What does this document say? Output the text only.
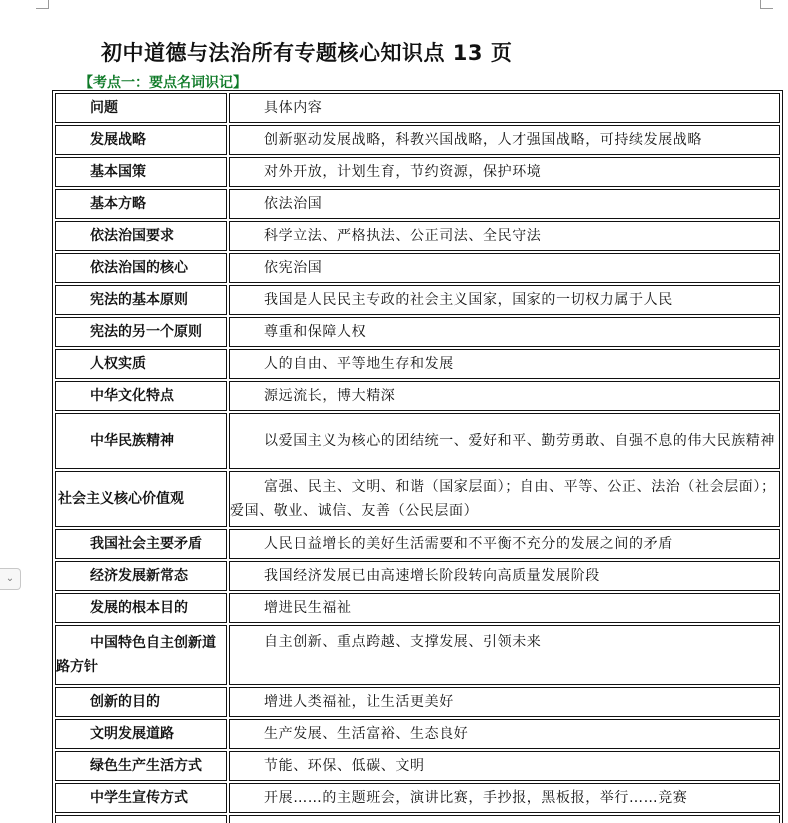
⌄
初中道德与法治所有专题核心知识点 13 页
【考点一：要点名词识记】
问题	具体内容
发展战略	创新驱动发展战略，科教兴国战略，人才强国战略，可持续发展战略
基本国策	对外开放，计划生育，节约资源，保护环境
基本方略	依法治国
依法治国要求	科学立法、严格执法、公正司法、全民守法
依法治国的核心	依宪治国
宪法的基本原则	我国是人民民主专政的社会主义国家，国家的一切权力属于人民
宪法的另一个原则	尊重和保障人权
人权实质	人的自由、平等地生存和发展
中华文化特点	源远流长，博大精深
中华民族精神	以爱国主义为核心的团结统一、爱好和平、勤劳勇敢、自强不息的伟大民族精神
社会主义核心价值观	富强、民主、文明、和谐（国家层面）；自由、平等、公正、法治（社会层面）；爱国、敬业、诚信、友善（公民层面）
我国社会主要矛盾	人民日益增长的美好生活需要和不平衡不充分的发展之间的矛盾
经济发展新常态	我国经济发展已由高速增长阶段转向高质量发展阶段
发展的根本目的	增进民生福祉
中国特色自主创新道路方针	自主创新、重点跨越、支撑发展、引领未来
创新的目的	增进人类福祉，让生活更美好
文明发展道路	生产发展、生活富裕、生态良好
绿色生产生活方式	节能、环保、低碳、文明
中学生宣传方式	开展……的主题班会，演讲比赛，手抄报，黑板报，举行……竞赛
